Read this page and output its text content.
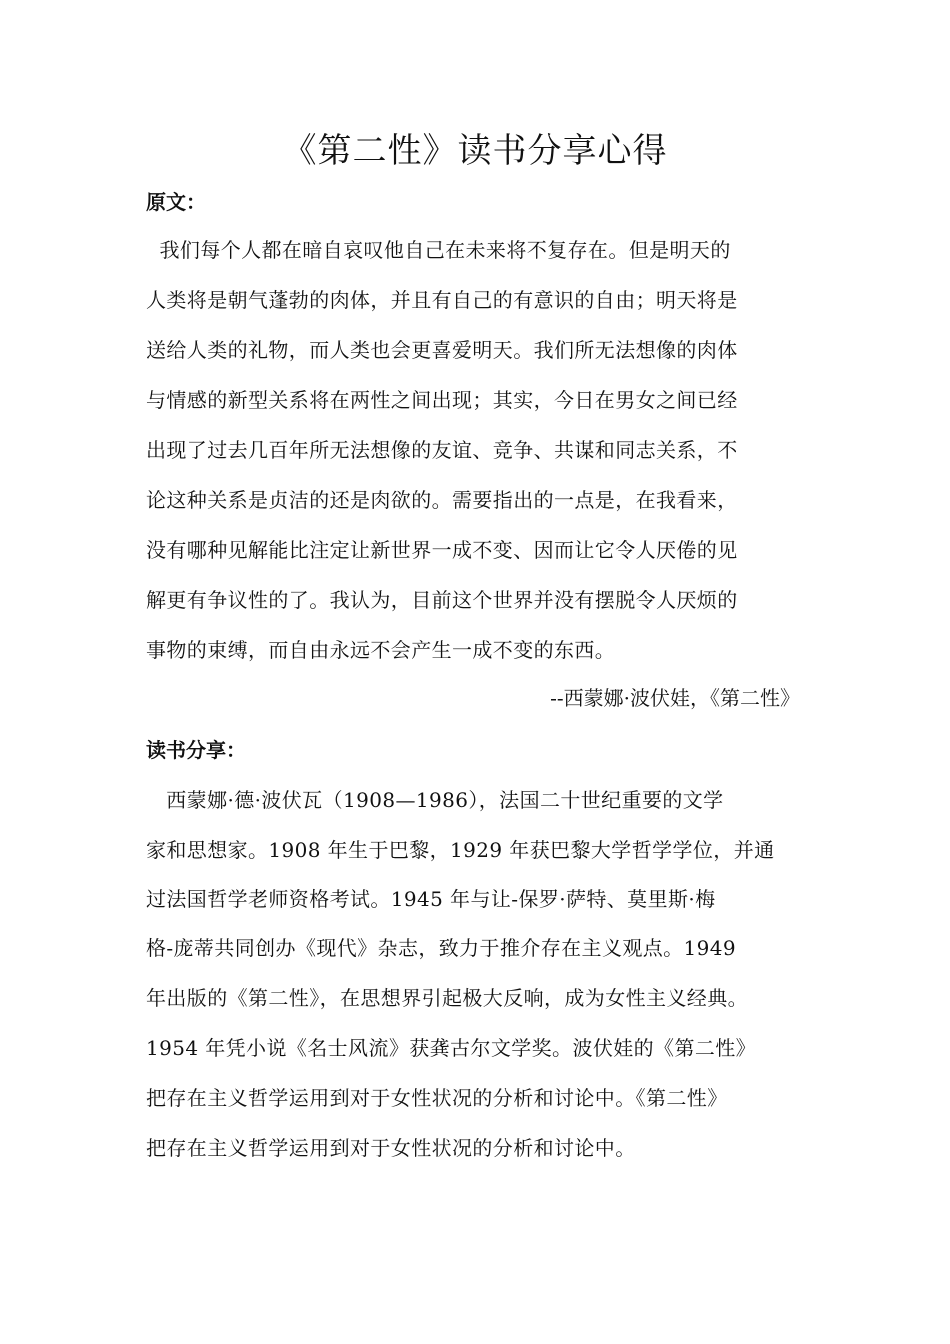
《第二性》读书分享心得
原文：
我们每个人都在暗自哀叹他自己在未来将不复存在。但是明天的
人类将是朝气蓬勃的肉体，并且有自己的有意识的自由；明天将是
送给人类的礼物，而人类也会更喜爱明天。我们所无法想像的肉体
与情感的新型关系将在两性之间出现；其实，今日在男女之间已经
出现了过去几百年所无法想像的友谊、竞争、共谋和同志关系，不
论这种关系是贞洁的还是肉欲的。需要指出的一点是，在我看来，
没有哪种见解能比注定让新世界一成不变、因而让它令人厌倦的见
解更有争议性的了。我认为，目前这个世界并没有摆脱令人厌烦的
事物的束缚，而自由永远不会产生一成不变的东西。
--西蒙娜·波伏娃，《第二性》
读书分享：
西蒙娜·德·波伏瓦（1908—1986），法国二十世纪重要的文学
家和思想家。1908 年生于巴黎，1929 年获巴黎大学哲学学位，并通
过法国哲学老师资格考试。1945 年与让-保罗·萨特、莫里斯·梅
格-庞蒂共同创办《现代》杂志，致力于推介存在主义观点。1949
年出版的《第二性》，在思想界引起极大反响，成为女性主义经典。
1954 年凭小说《名士风流》获龚古尔文学奖。波伏娃的《第二性》
把存在主义哲学运用到对于女性状况的分析和讨论中。《第二性》
把存在主义哲学运用到对于女性状况的分析和讨论中。
